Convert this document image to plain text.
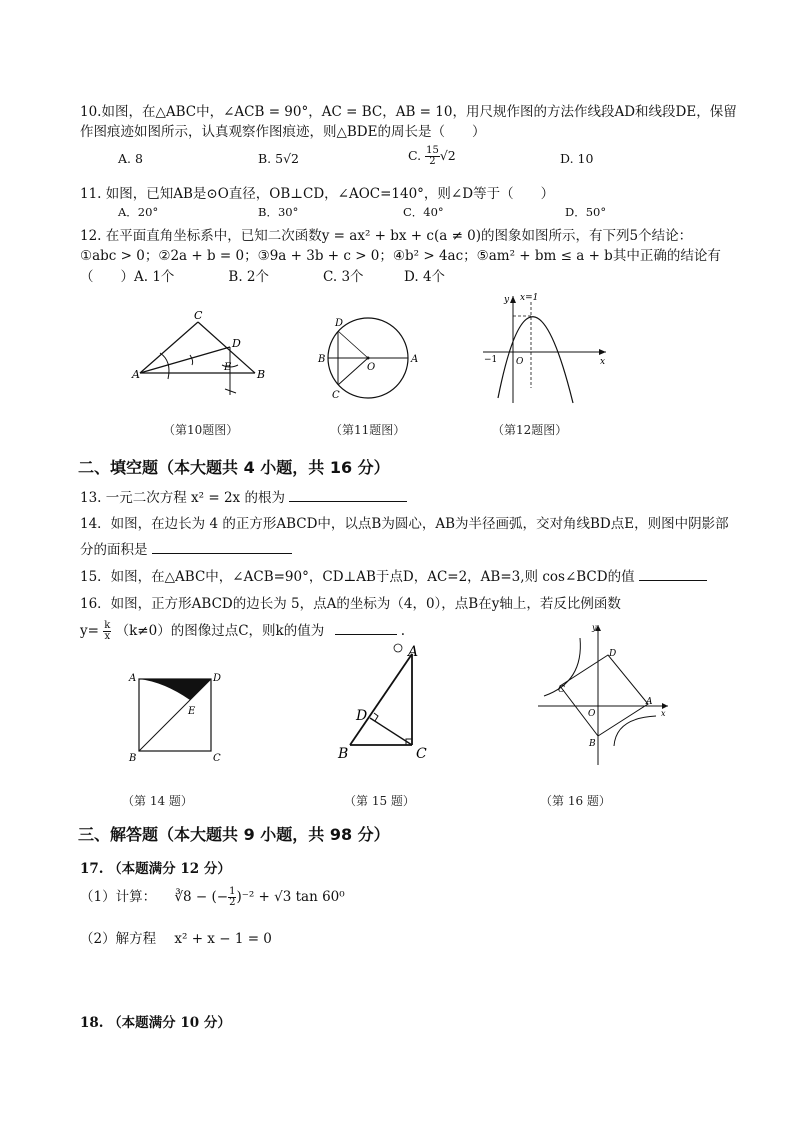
10.如图，在△ABC中，∠ACB = 90°，AC = BC，AB = 10，用尺规作图的方法作线段AD和线段DE，保留
作图痕迹如图所示，认真观察作图痕迹，则△BDE的周长是（　　）
A. 8	B. 5√2	C. $\frac{15}{2} √2$	D. 10
11. 如图，已知AB是⊙O直径，OB⊥CD，∠AOC=140°，则∠D等于（　　）
A．20°	B．30°	C．40°	D．50°
12. 在平面直角坐标系中，已知二次函数y = ax² + bx + c(a ≠ 0)的图象如图所示，有下列5个结论：
①abc > 0；②2a + b = 0；③9a + 3b + c > 0；④b² > 4ac；⑤am² + bm ≤ a + b其中正确的结论有
（　　）A. 1个　　　　B. 2个　　　　C. 3个　　　D. 4个
A	B
C
D
E
（第10题图）
B	A
D
C
O
（第11题图）
y
x
O
−1
x=1
（第12题图）
二、填空题（本大题共 4 小题，共 16 分）
13. 一元二次方程 x² = 2x 的根为
14．如图，在边长为 4 的正方形ABCD中，以点B为圆心，AB为半径画弧，交对角线BD点E，则图中阴影部
分的面积是
15．如图，在△ABC中，∠ACB=90°，CD⊥AB于点D，AC=2，AB=3,则 cos∠BCD的值
16．如图，正方形ABCD的边长为 5，点A的坐标为（4，0），点B在y轴上，若反比例函数
$y= \frac{k}{x} (k\ne 0)$的图像过点C，则k的值为	.
A	D
B	C
E
（第 14 题）
A
B	C
D
（第 15 题）
y
x
O
A
D
C
B
（第 16 题）
三、解答题（本大题共 9 小题，共 98 分）
17. （本题满分 12 分）
（1）计算： ∛8 − (− $\frac{1}{2} )^{-2} + √3$ tan 60⁰
（2）解方程 x² + x − 1 = 0
18. （本题满分 10 分）
